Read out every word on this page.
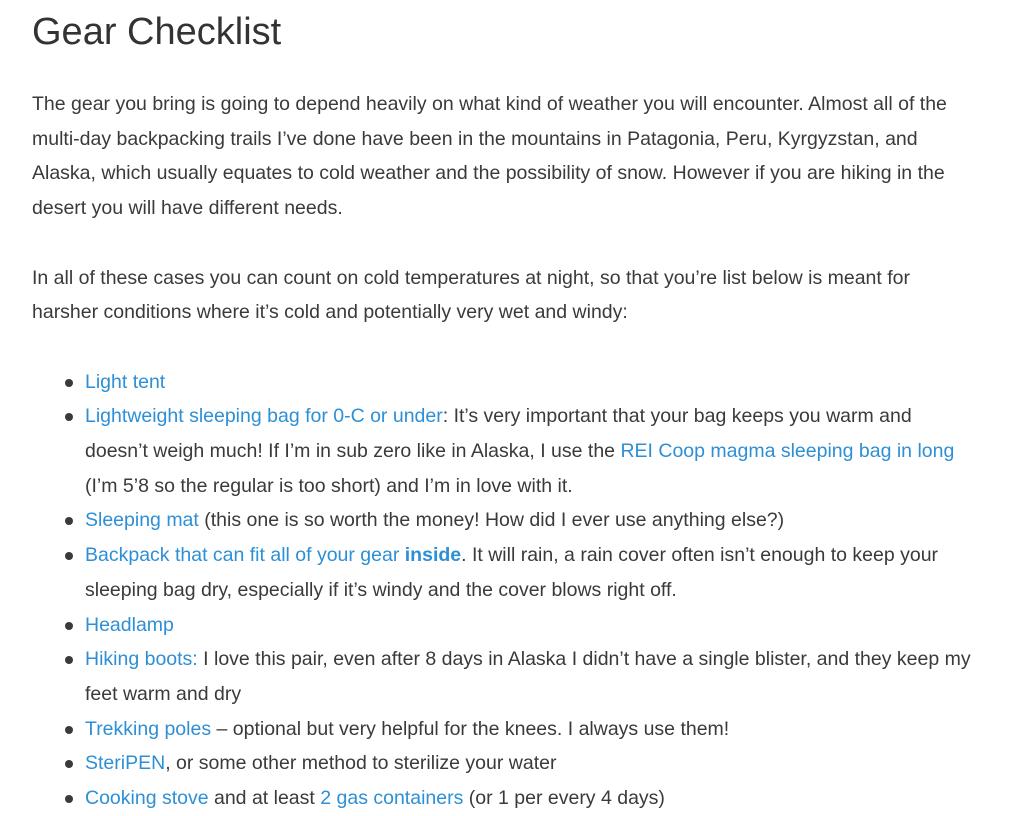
Gear Checklist

The gear you bring is going to depend heavily on what kind of weather you will encounter. Almost all of the multi-day backpacking trails I’ve done have been in the mountains in Patagonia, Peru, Kyrgyzstan, and Alaska, which usually equates to cold weather and the possibility of snow. However if you are hiking in the desert you will have different needs.

In all of these cases you can count on cold temperatures at night, so that you’re list below is meant for harsher conditions where it’s cold and potentially very wet and windy:

Light tent
Lightweight sleeping bag for 0-C or under: It’s very important that your bag keeps you warm and doesn’t weigh much! If I’m in sub zero like in Alaska, I use the REI Coop magma sleeping bag in long (I’m 5’8 so the regular is too short) and I’m in love with it.
Sleeping mat (this one is so worth the money! How did I ever use anything else?)
Backpack that can fit all of your gear inside. It will rain, a rain cover often isn’t enough to keep your sleeping bag dry, especially if it’s windy and the cover blows right off.
Headlamp
Hiking boots: I love this pair, even after 8 days in Alaska I didn’t have a single blister, and they keep my feet warm and dry
Trekking poles – optional but very helpful for the knees. I always use them!
SteriPEN, or some other method to sterilize your water
Cooking stove and at least 2 gas containers (or 1 per every 4 days)
